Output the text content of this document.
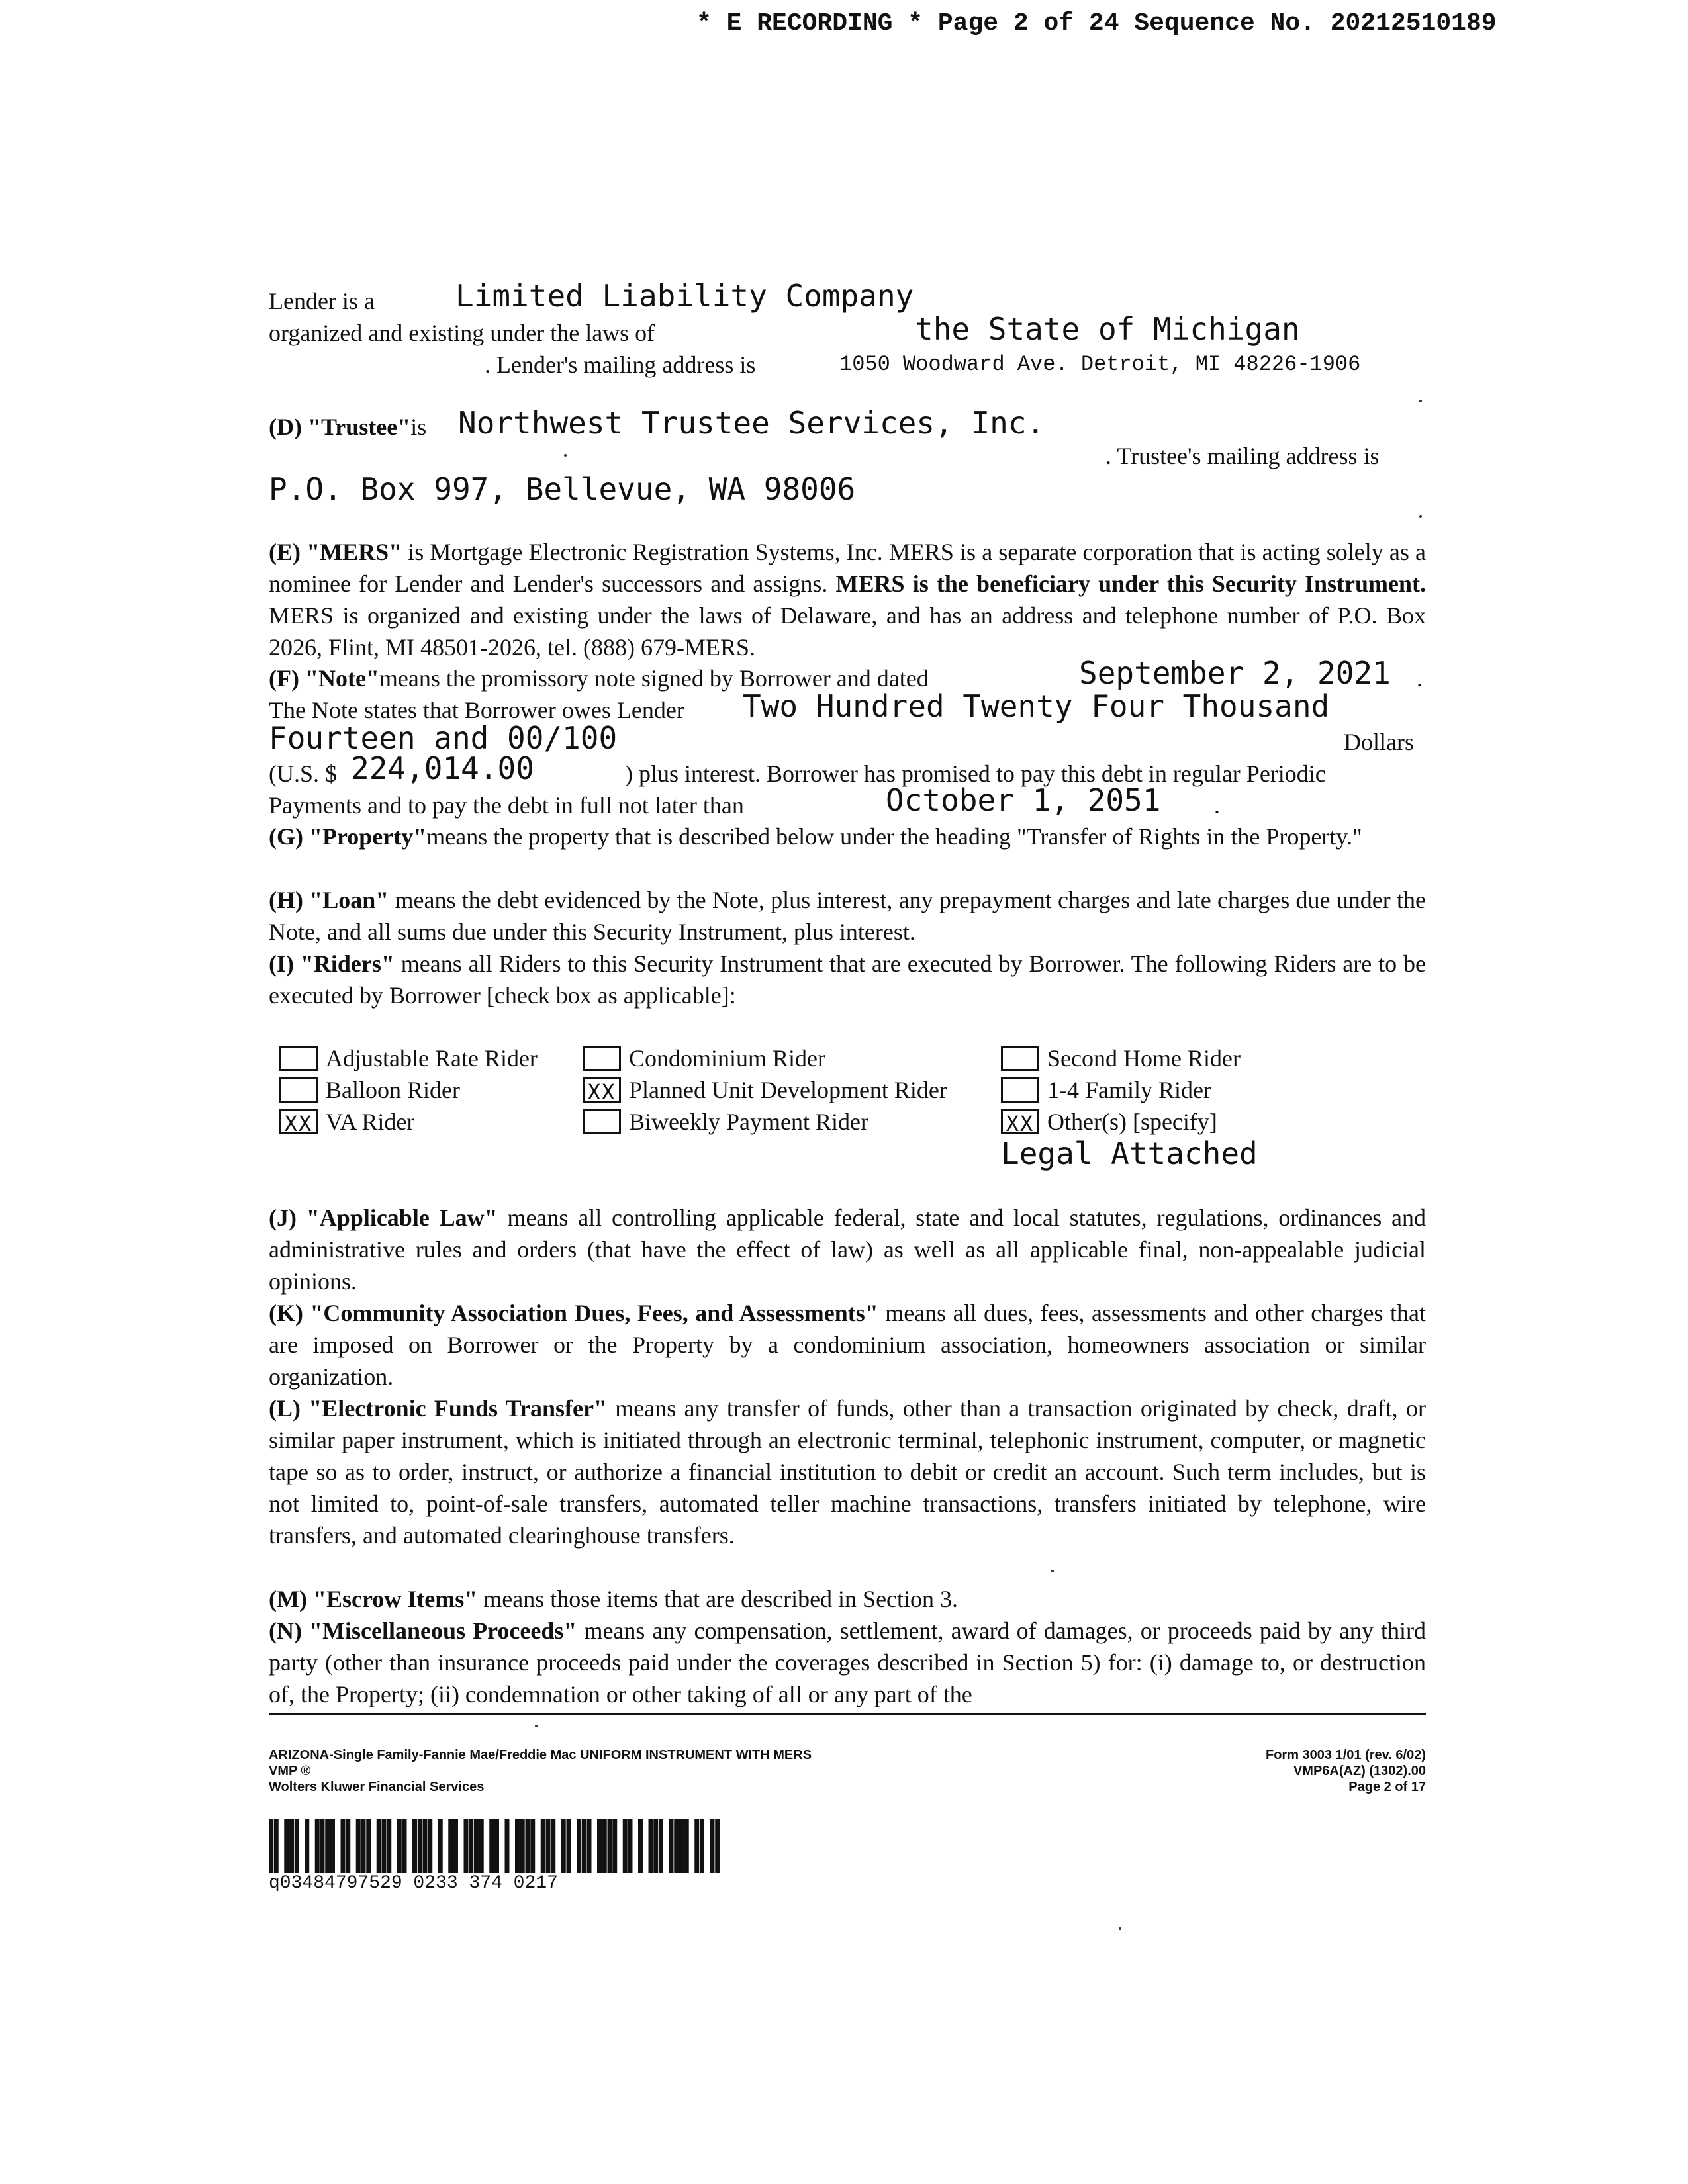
* E RECORDING * Page 2 of 24 Sequence No. 20212510189
Lender is a	Limited Liability Company
organized and existing under the laws of	the State of Michigan
. Lender's mailing address is	1050 Woodward Ave. Detroit, MI 48226-1906
(D) "Trustee"is Northwest Trustee Services, Inc.
. Trustee's mailing address is
P.O. Box 997, Bellevue, WA 98006
(E) "MERS" is Mortgage Electronic Registration Systems, Inc. MERS is a separate corporation that is acting solely as a nominee for Lender and Lender's successors and assigns. MERS is the beneficiary under this Security Instrument. MERS is organized and existing under the laws of Delaware, and has an address and telephone number of P.O. Box 2026, Flint, MI 48501-2026, tel. (888) 679-MERS.
(F) "Note"means the promissory note signed by Borrower and dated	September 2, 2021 .
The Note states that Borrower owes Lender Two Hundred Twenty Four Thousand
Fourteen and 00/100	Dollars
(U.S. $ 224,014.00	) plus interest. Borrower has promised to pay this debt in regular Periodic
Payments and to pay the debt in full not later than	October 1, 2051 .
(G) "Property"means the property that is described below under the heading "Transfer of Rights in the Property."
(H) "Loan" means the debt evidenced by the Note, plus interest, any prepayment charges and late charges due under the Note, and all sums due under this Security Instrument, plus interest.
(I) "Riders" means all Riders to this Security Instrument that are executed by Borrower. The following Riders are to be executed by Borrower [check box as applicable]:
Adjustable Rate Rider	Condominium Rider	Second Home Rider
Balloon Rider	XX Planned Unit Development Rider	1-4 Family Rider
XX VA Rider	Biweekly Payment Rider	XX Other(s) [specify]
Legal Attached
(J) "Applicable Law" means all controlling applicable federal, state and local statutes, regulations, ordinances and administrative rules and orders (that have the effect of law) as well as all applicable final, non-appealable judicial opinions.
(K) "Community Association Dues, Fees, and Assessments" means all dues, fees, assessments and other charges that are imposed on Borrower or the Property by a condominium association, homeowners association or similar organization.
(L) "Electronic Funds Transfer" means any transfer of funds, other than a transaction originated by check, draft, or similar paper instrument, which is initiated through an electronic terminal, telephonic instrument, computer, or magnetic tape so as to order, instruct, or authorize a financial institution to debit or credit an account. Such term includes, but is not limited to, point-of-sale transfers, automated teller machine transactions, transfers initiated by telephone, wire transfers, and automated clearinghouse transfers.
(M) "Escrow Items" means those items that are described in Section 3.
(N) "Miscellaneous Proceeds" means any compensation, settlement, award of damages, or proceeds paid by any third party (other than insurance proceeds paid under the coverages described in Section 5) for: (i) damage to, or destruction of, the Property; (ii) condemnation or other taking of all or any part of the
ARIZONA-Single Family-Fannie Mae/Freddie Mac UNIFORM INSTRUMENT WITH MERS
VMP ®
Wolters Kluwer Financial Services
Form 3003 1/01 (rev. 6/02)
VMP6A(AZ) (1302).00
Page 2 of 17
q03484797529 0233 374 0217
